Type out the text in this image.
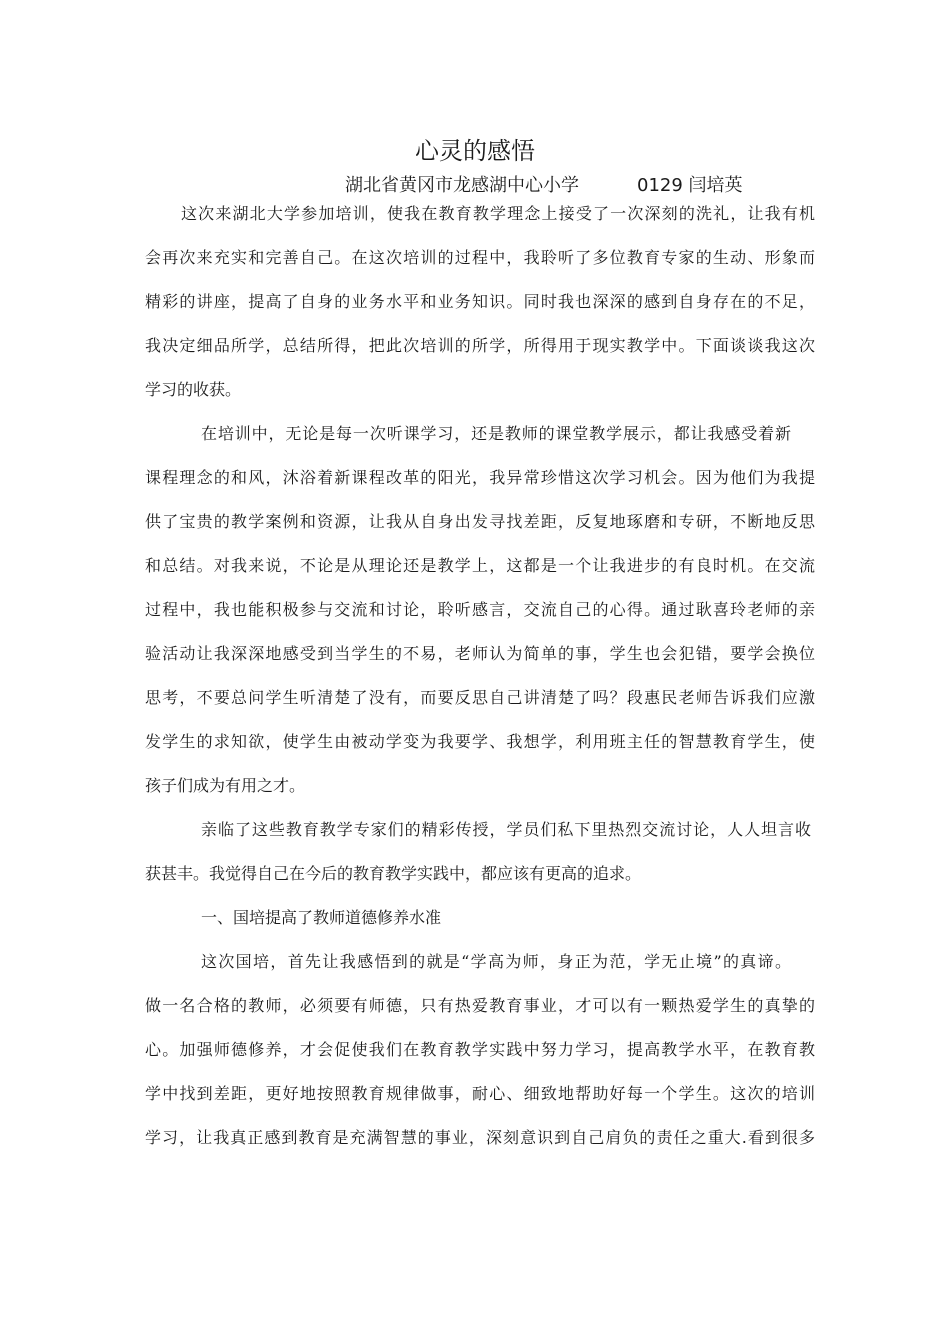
心灵的感悟
湖北省黄冈市龙感湖中心小学	0129 闫培英
这次来湖北大学参加培训，使我在教育教学理念上接受了一次深刻的洗礼，让我有机
会再次来充实和完善自己。在这次培训的过程中，我聆听了多位教育专家的生动、形象而
精彩的讲座，提高了自身的业务水平和业务知识。同时我也深深的感到自身存在的不足，
我决定细品所学，总结所得，把此次培训的所学，所得用于现实教学中。下面谈谈我这次
学习的收获。
在培训中，无论是每一次听课学习，还是教师的课堂教学展示，都让我感受着新
课程理念的和风，沐浴着新课程改革的阳光，我异常珍惜这次学习机会。因为他们为我提
供了宝贵的教学案例和资源，让我从自身出发寻找差距，反复地琢磨和专研，不断地反思
和总结。对我来说，不论是从理论还是教学上，这都是一个让我进步的有良时机。在交流
过程中，我也能积极参与交流和讨论，聆听感言，交流自己的心得。通过耿喜玲老师的亲
验活动让我深深地感受到当学生的不易，老师认为简单的事，学生也会犯错，要学会换位
思考，不要总问学生听清楚了没有，而要反思自己讲清楚了吗？段惠民老师告诉我们应激
发学生的求知欲，使学生由被动学变为我要学、我想学，利用班主任的智慧教育学生，使
孩子们成为有用之才。
亲临了这些教育教学专家们的精彩传授，学员们私下里热烈交流讨论，人人坦言收
获甚丰。我觉得自己在今后的教育教学实践中，都应该有更高的追求。
一、国培提高了教师道德修养水准
这次国培，首先让我感悟到的就是“学高为师，身正为范，学无止境”的真谛。
做一名合格的教师，必须要有师德，只有热爱教育事业，才可以有一颗热爱学生的真挚的
心。加强师德修养，才会促使我们在教育教学实践中努力学习，提高教学水平，在教育教
学中找到差距，更好地按照教育规律做事，耐心、细致地帮助好每一个学生。这次的培训
学习，让我真正感到教育是充满智慧的事业，深刻意识到自己肩负的责任之重大.看到很多
